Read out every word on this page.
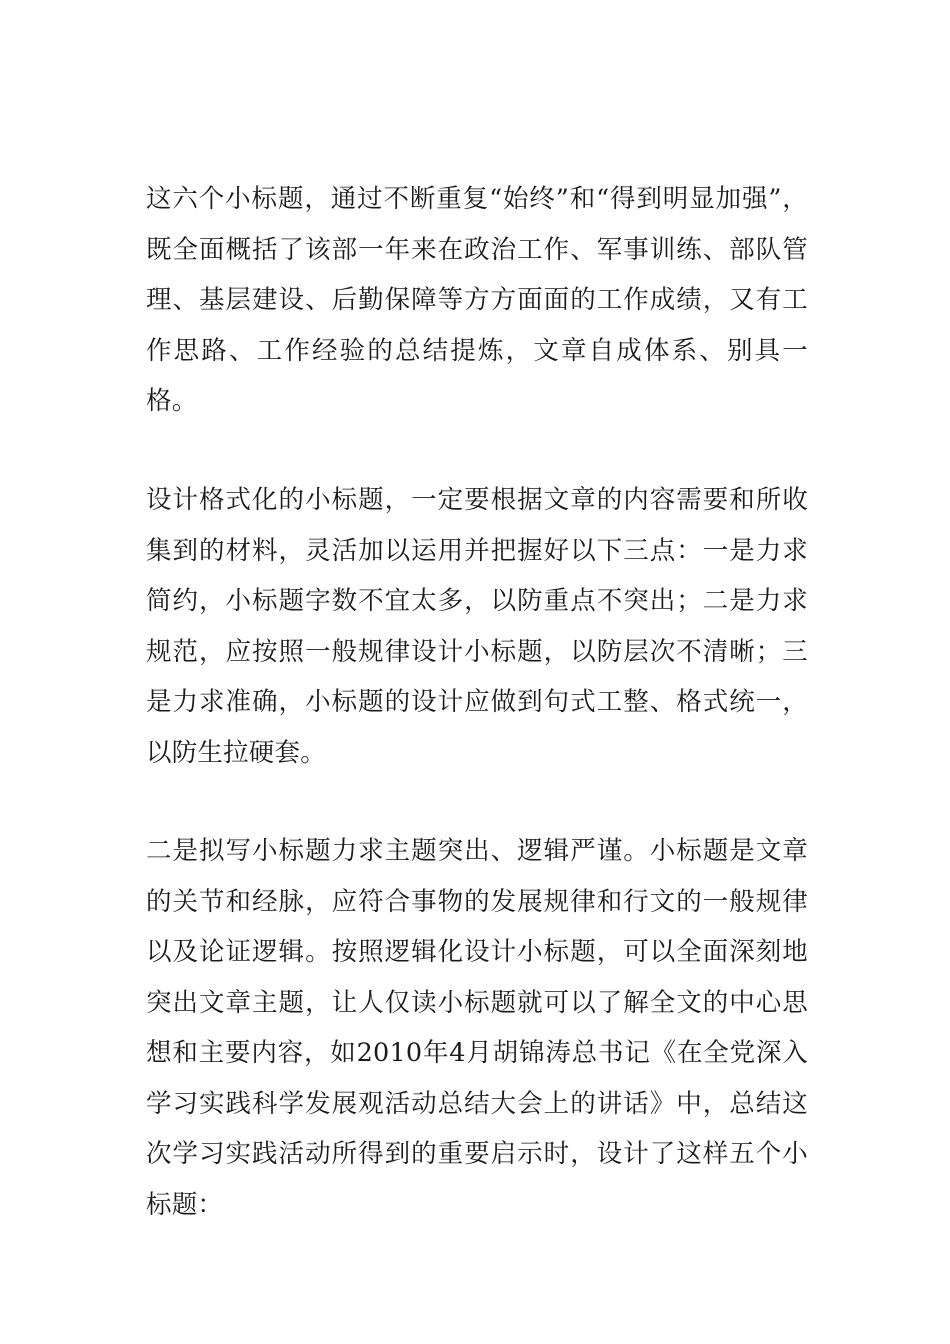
这六个小标题，通过不断重复“始终”和“得到明显加强”，既全面概括了该部一年来在政治工作、军事训练、部队管理、基层建设、后勤保障等方方面面的工作成绩，又有工作思路、工作经验的总结提炼，文章自成体系、别具一格。

设计格式化的小标题，一定要根据文章的内容需要和所收集到的材料，灵活加以运用并把握好以下三点：一是力求简约，小标题字数不宜太多，以防重点不突出；二是力求规范，应按照一般规律设计小标题，以防层次不清晰；三是力求准确，小标题的设计应做到句式工整、格式统一，以防生拉硬套。

二是拟写小标题力求主题突出、逻辑严谨。小标题是文章的关节和经脉，应符合事物的发展规律和行文的一般规律以及论证逻辑。按照逻辑化设计小标题，可以全面深刻地突出文章主题，让人仅读小标题就可以了解全文的中心思想和主要内容，如2010年4月胡锦涛总书记《在全党深入学习实践科学发展观活动总结大会上的讲话》中，总结这次学习实践活动所得到的重要启示时，设计了这样五个小标题：
